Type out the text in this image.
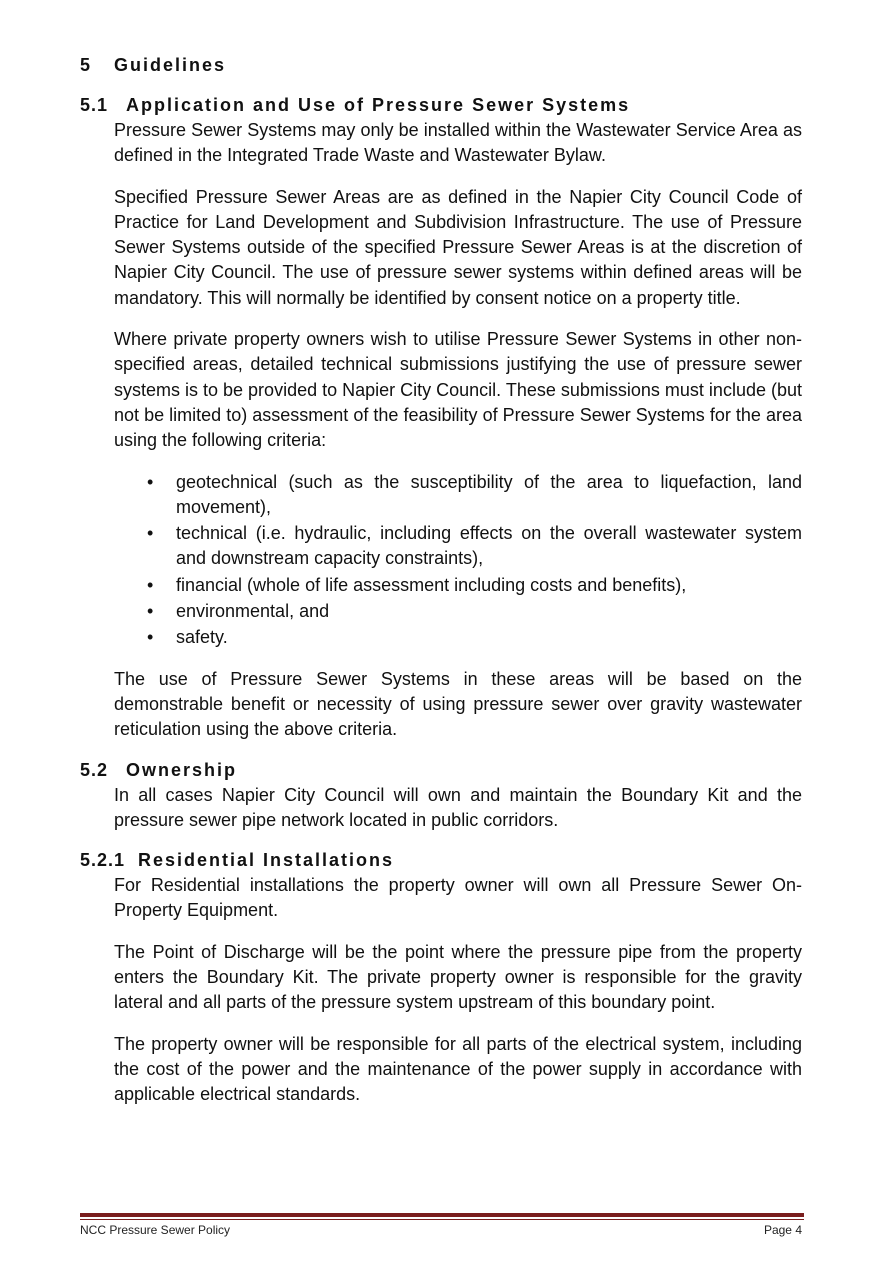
5 Guidelines
5.1 Application and Use of Pressure Sewer Systems

Pressure Sewer Systems may only be installed within the Wastewater Service Area as defined in the Integrated Trade Waste and Wastewater Bylaw.

Specified Pressure Sewer Areas are as defined in the Napier City Council Code of Practice for Land Development and Subdivision Infrastructure. The use of Pressure Sewer Systems outside of the specified Pressure Sewer Areas is at the discretion of Napier City Council. The use of pressure sewer systems within defined areas will be mandatory. This will normally be identified by consent notice on a property title.

Where private property owners wish to utilise Pressure Sewer Systems in other non-specified areas, detailed technical submissions justifying the use of pressure sewer systems is to be provided to Napier City Council. These submissions must include (but not be limited to) assessment of the feasibility of Pressure Sewer Systems for the area using the following criteria:

• geotechnical (such as the susceptibility of the area to liquefaction, land movement),
• technical (i.e. hydraulic, including effects on the overall wastewater system and downstream capacity constraints),
• financial (whole of life assessment including costs and benefits),
• environmental, and
• safety.

The use of Pressure Sewer Systems in these areas will be based on the demonstrable benefit or necessity of using pressure sewer over gravity wastewater reticulation using the above criteria.

5.2 Ownership

In all cases Napier City Council will own and maintain the Boundary Kit and the pressure sewer pipe network located in public corridors.

5.2.1 Residential Installations

For Residential installations the property owner will own all Pressure Sewer On-Property Equipment.

The Point of Discharge will be the point where the pressure pipe from the property enters the Boundary Kit. The private property owner is responsible for the gravity lateral and all parts of the pressure system upstream of this boundary point.

The property owner will be responsible for all parts of the electrical system, including the cost of the power and the maintenance of the power supply in accordance with applicable electrical standards.

NCC Pressure Sewer Policy	Page 4
